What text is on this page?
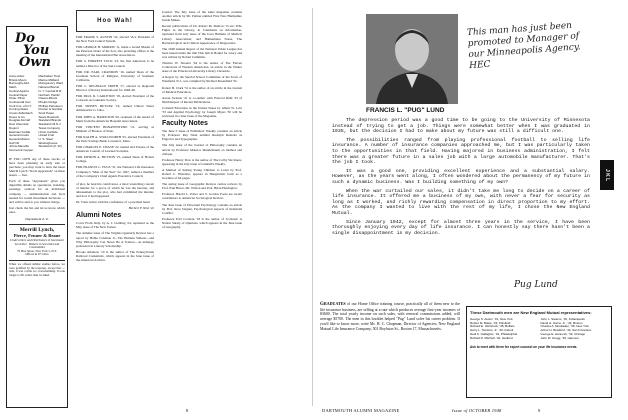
Do
You
Own
Anne-Arbor
Bristol-Myers
Burroughs Add. Mach.
Central Aguirre
Central Paper
Chas. Pfizer
Continental Can
Cont'l Ins. of N.Y.
Corning Glass
Crown Zellerbach
Deere & Co.
Douglas Aircraft
Dow Chemical
Dupont
Eastman Kodak
General Foods
General Motors
Gulf Oil
Johns-Manville
Kennecott Copper
Manhattan Trust
Marine Midland
Montgomery Ward
National Biscuit
N. Y. Central R.R.
Northern Pacific
Owens-Illinois
Phelps Dodge
Phillips Petroleum
Procter & Gamble
Scott Paper
Sears Roebuck
Standard Brands
Standard Oil N.J.
Texas Company
Union Carbide
United Fruit
U. S. Steel
Westinghouse
Woolworth (F. W.)

IF YOU OWN any of these stocks, or have been planning an early sale or purchase, you may want to have the latest Merrill Lynch "Stock Appraisals" on these issues — free.

Each of these "Appraisals" gives you digestible details on operations, standing, earnings, outlook for an individual company — summarization and facts needed for sound investment decisions — and will be sent to you without charge.

Just check the list and let us know which ones.

Department Z-11
Merrill Lynch,
Pierce, Fenner & Beane
Underwriters and Distributors of Investment Securities · Brokers in Securities and Commodities
70 Pine Street, New York 5, N.Y.
Offices in 97 Cities

When we offered similar studies before, we were gratified by the response, except that — well, it was a little too overwhelming. It took longer to fill orders than we liked.

Hoo Wah!

FOR FRANK S. AUSTIN '24, elected Vice President of the New York Central System.

FOR GEORGE H. MORRIS '11, made a Grand Master of the Peterson Order of the Son; also presiding officer at the meeting of the International Bar Association.

FOR S. FORREST TUCK '23, the first American to be named a Director of the Sun Council.

FOR DR. EARL CRANDON '16, named Dean of the Graduate School of Religion, University of Southern California.

FOR C. REGINALD SMITH '17, elected as Regional Director of Rotary International for 1948-49.

FOR PAUL R. CARLETON '18, elected President of the Colorado Accountants Society.

FOR SIDNEY BUTLER '19, named United States Ambassador to Cuba.

FOR JOHN A. HAMILTON '20, recipient of the Award of Merit from the American Hospital Association.

FOR VINCENT BONAVENTURE '21, serving as Minister of Finance of State.

FOR RALPH A. STOLLWORTH '25, elected President of the Paris Savings Bank, Lawrence, Mass.

FOR CHARLES E. CHASE '22, named 2nd Trustee of the American Council of Learned Societies.

FOR MYRON A. BUTTON '25, named Dean of Hobart College.

FOR FRANCIS L. PUGS '31, the National Life Insurance Company's "Man of the Year" for 1947, named a member of the Company's Chief Agents Executive Council.

of plot, he bent his contrivance, a most wrenching conceit of murder for a grove of which he was the heroine, and dénouement to the plot, who had committed the murder, and how it had happened.

Dr. Trent writes with the confidence of a practised hand.

Herbert F. West '22
Alumni Notes

Cover From Only, by A. J. Liebling '24, reprinted as the May issue of The New Yorker.

The summer issue of The Virginia Quarterly Review has a report by Hallie Coleman Jr., The Herman Simons—and Why Philosophy Can Never Be A Science—an unhappy profession in Literary Scholarship.

Brooks Atkinson '19 is the author of The Pennsylvania Railroad Credentials, which appears in the June issue of the American Archive.

Journal. The July issue of the same magazine contains another article by Mr. Palmer entitled First New Hampshire Guide Makes.

Recent publications of Dr. Robert M. Shelton '15 are: Who Fights in the Library, in Comments on Information, reprinted from July issue of the Iowa Bulletin of Medical Library Association; and Hahnemann Notes, The Bacteriological and Clinical Appearance of Diagnostics.

The 1948 Annual Report of the National Urban League has been issued under the title This Ism Is Bound for Glory and was written by Robert Cummins.

Thomas W. Streeter '04 is the author of The Eleven Collections of Western Americana, an article in the Winter issue of the Princeton University Library Chronicle.

A Report by the Special School Committee of the Town of Westfield, N.J., was compiled by Richard Rosenfield '32.

Robert B. Clark '31 is the author of an article in the Journal of Medical Education.

Aaron Jackson '21 is co-author with Edward Ruhl '33 of Ninth Report of Recent Publications.

Colonial Education in the United States by Albert W. Levi '33 and Applied Psychology by Joseph Myers '30 will be reviewed in a later issue of the Magazine.

Faculty Notes

The June 5 issue of Publishers' Weekly contains an article by Professor Ray Nash entitled Rudolph Ruzicka as Engraver and Typographer.

The July issue of the Journal of Philosophy contains an article by Professor Maurice Mandelbaum on method and critique.

Professor Henry Dow is the author of The Colby We Knew, appearing in the July issue of Grinnell's Weekly.

A Method of Setting Young Children to Learn by Prof. Robert C. Hazelton, appears in Hanganistic form as a brochure of 64 pages.

The spring issue of Geographic Review carries reviews by Prof. Paul Bruce, Mr. Wilson and Prof. Brian Harrington.

Professor Harold L. Potter and S. Gordon Poole are recent contributors to American Sociological Review.

The June issue of Personnel Psychology contains an article by Prof. Ross Stagner, Psychological Aspects of Industrial Conflict.

Professor Earl Cochran '18 is the author of Scotland: A Nation Surely of Opinions, which appears in the June issue of Geography.

This man has just been promoted to Manager of our Minneapolis Agency. HEC
J K L
FRANCIS L. "PUG" LUND

The depression period was a good time to be going to the University of Minnesota instead of trying to get a job. Things were somewhat better when I was graduated in 1935, but the decision I had to make about my future was still a difficult one.

The possibilities ranged from playing professional football to selling life insurance. A number of insurance companies approached me, but I was particularly taken to the opportunities in that field. Having majored in business administration, I felt there was a greater future in a sales job with a large automobile manufacturer. That's the job I took.

It was a good one, providing excellent experience and a substantial salary. However, as the years went along, I often wondered about the permanency of my future in such a dynamic business. Was I building something of my own?

When the war curtailed our sales, it didn't take me long to decide on a career of life insurance. It offered me a business of my own, with never a fear for security as long as I worked, and richly rewarding compensation in direct proportion to my effort. As the company I wanted to live with the rest of my life, I chose the New England Mutual.

Since January 1942, except for almost three years in the service, I have been thoroughly enjoying every day of life insurance. I can honestly say there hasn't been a single disappointment in my decision.

Pug Lund
Graduates of our Home Office training course, practically all of them new to the life insurance business, are selling at a rate which produces average first-year incomes of $3600. The total yearly income on such sales, with renewal commissions added, will average $5700. The men in this booklet helped "Pug" Lund solve his career problem. If you'd like to know more, write Mr. H. C. Chapman, Director of Agencies, New England Mutual Life Insurance Company, 501 Boylston St., Boston 17, Massachusetts.
These Dartmouth men are New England Mutual representatives:
George S. Austin, '01, New York
Robert M. Bates, '33, Pittsfield
Richard E. Hitchcock, '38, Buffalo
Harry L. Tomkins, Jr., '40, Detroit
Neal K. Gallagher, '34, Philadelphia
Richard P. Mitchell, '42, Hartford
John L. Stearns, '32, Indianapolis
David H. Horne, Jr., '34, Boston
Charles A. Muskaden, '28, New York
Arthur H. Bradford, '49, San Francisco
George E. Hannock, '33, Chicago
John M. Gregg, '39, Hanover
Ask to meet with them for expert counsel on your life insurance needs.
8	DARTMOUTH ALUMNI MAGAZINE	Issue of OCTOBER 1948	9
